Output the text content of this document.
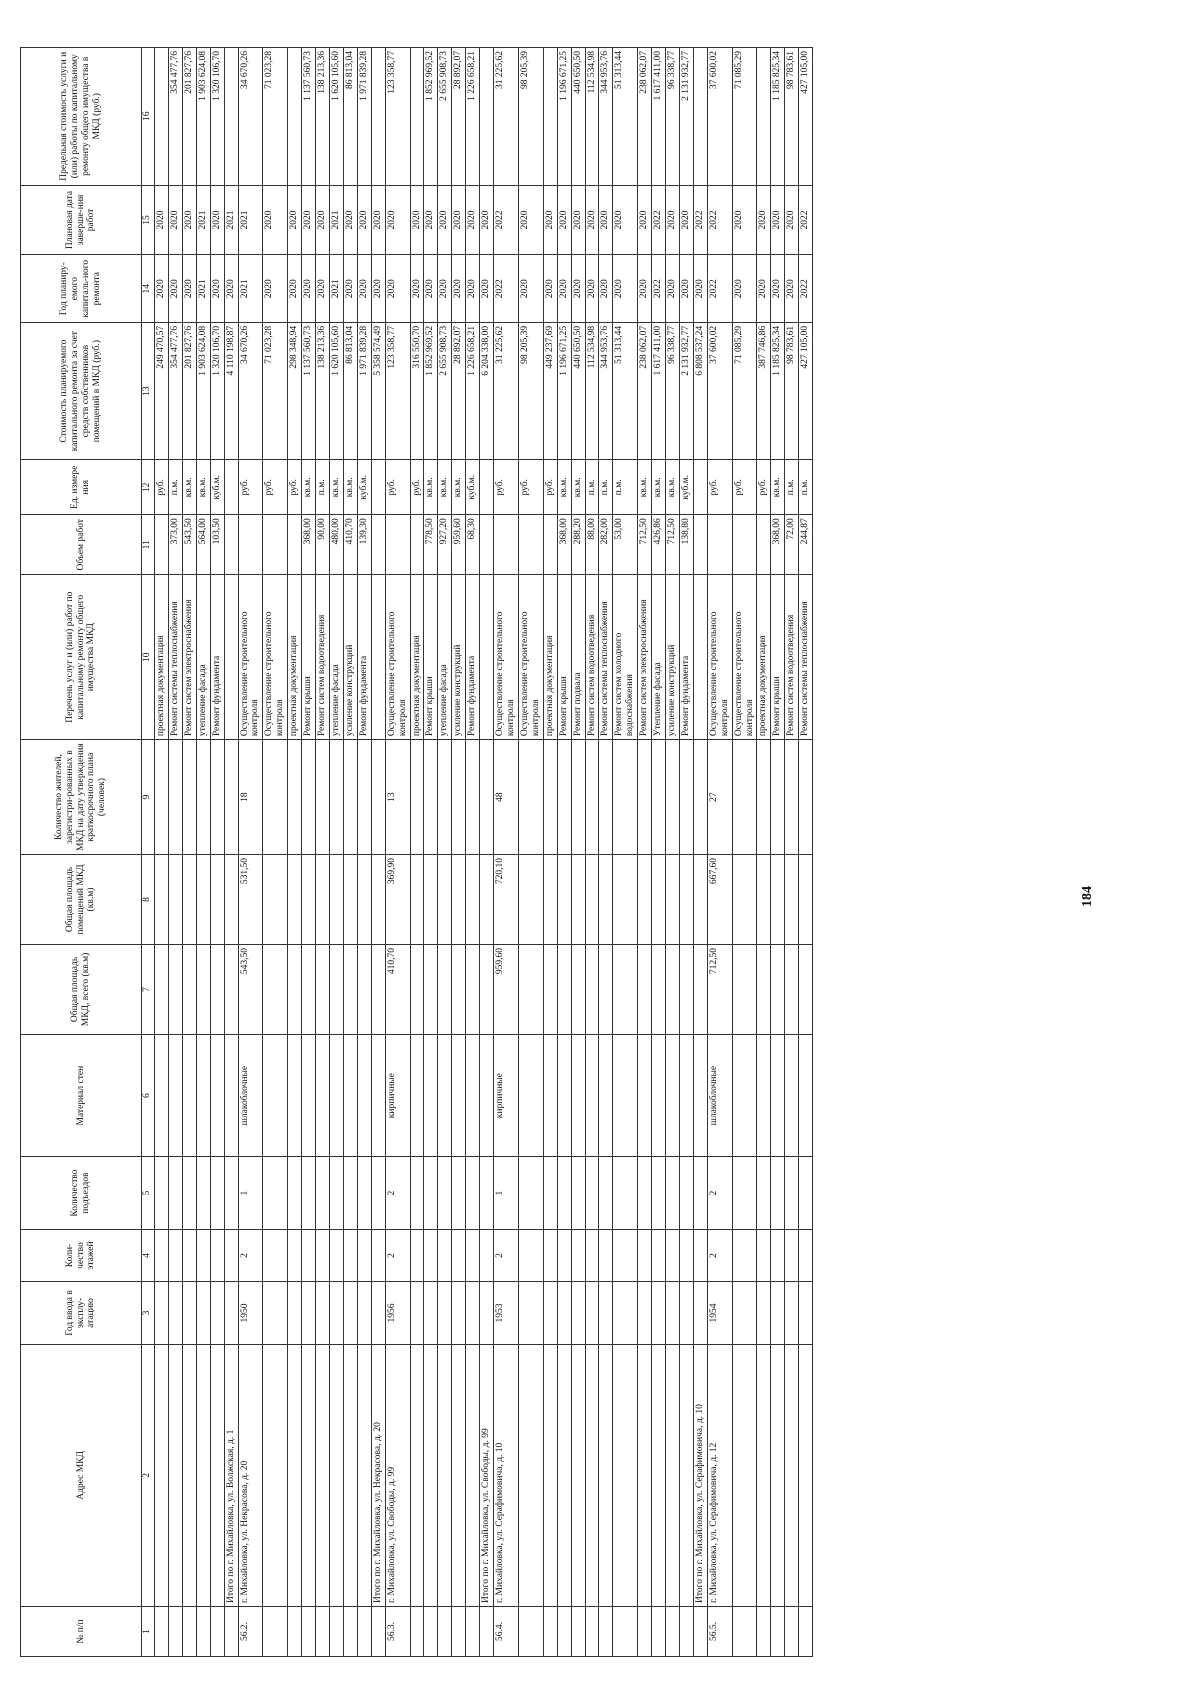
184
№ п/п	Адрес МКД	Год ввода в эксплу-атацию	Коли-чество этажей	Количество подъездов	Материал стен	Общая площадь МКД, всего (кв.м)	Общая площадь помещений МКД (кв.м)	Количество жителей, зарегистри-рованных в МКД на дату утверждения краткосрочного плана (человек)	Перечень услуг и (или) работ по капитальному ремонту общего имущества МКД	Объем работ	Ед. измере ния	Стоимость планируемого капитального ремонта за счет средств собственников помещений в МКД (руб.)	Год планиру-емого капиталь-ного ремонта	Плановая дата заверше-ния работ	Предельная стоимость услуги и (или) работы по капитальному ремонту общего имущества в МКД (руб.)
1	2	3	4	5	6	7	8	9	10	11	12	13	14	15	16
									проектная документация		руб.	249 470,57	2020	2020	
									Ремонт системы теплоснабжения	373,00	п.м.	354 477,76	2020	2020	354 477,76
									Ремонт систем электроснабжения	543,50	кв.м.	201 827,76	2020	2020	201 827,76
									утепление фасада	564,00	кв.м.	1 903 624,08	2021	2021	1 903 624,08
									Ремонт фундамента	103,50	куб.м.	1 320 106,70	2020	2020	1 320 106,70
	Итого по г. Михайловка, ул. Волжская, д. 1											4 110 198,87	2020	2021	
56.2.	г. Михайловка, ул. Некрасова, д. 20	1950	2	1	шлакоблочные	543,50	531,50	18	Осуществление строительного контроля		руб.	34 670,26	2021	2021	34 670,26
									Осуществление строительного контроля		руб.	71 023,28	2020	2020	71 023,28
									проектная документация		руб.	298 348,94	2020	2020	
									Ремонт крыши	368,00	кв.м.	1 137 560,73	2020	2020	1 137 560,73
									Ремонт систем водоотведения	90,00	п.м.	138 213,36	2020	2020	138 213,36
									утепление фасада	480,00	кв.м.	1 620 105,60	2021	2021	1 620 105,60
									усиление конструкций	410,70	кв.м.	86 813,04	2020	2020	86 813,04
									Ремонт фундамента	139,30	куб.м.	1 971 839,28	2020	2020	1 971 839,28
	Итого по г. Михайловка, ул. Некрасова, д. 20											5 358 574,49	2020	2020	
56.3.	г. Михайловка, ул. Свободы, д. 99	1956	2	2	кирпичные	410,70	369,90	13	Осуществление строительного контроля		руб.	123 358,77	2020	2020	123 358,77
									проектная документация		руб.	316 550,70	2020	2020	
									Ремонт крыши	778,50	кв.м.	1 852 969,52	2020	2020	1 852 969,52
									утепление фасада	927,20	кв.м.	2 655 908,73	2020	2020	2 655 908,73
									усиление конструкций	959,60	кв.м.	28 892,07	2020	2020	28 892,07
									Ремонт фундамента	68,30	куб.м.	1 226 658,21	2020	2020	1 226 658,21
	Итого по г. Михайловка, ул. Свободы, д. 99											6 204 338,00	2020	2020	
56.4.	г. Михайловка, ул. Серафимовича, д. 10	1953	2	1	кирпичные	959,60	720,10	48	Осуществление строительного контроля		руб.	31 225,62	2022	2022	31 225,62
									Осуществление строительного контроля		руб.	98 205,39	2020	2020	98 205,39
									проектная документация		руб.	449 237,69	2020	2020	
									Ремонт крыши	368,00	кв.м.	1 196 671,25	2020	2020	1 196 671,25
									Ремонт подвала	288,20	кв.м.	440 650,50	2020	2020	440 650,50
									Ремонт систем водоотведения	88,00	п.м.	112 534,98	2020	2020	112 534,98
									Ремонт системы теплоснабжения	282,00	п.м.	344 953,76	2020	2020	344 953,76
									Ремонт систем холодного водоснабжения	53,00	п.м.	51 313,44	2020	2020	51 313,44
									Ремонт систем электроснабжения	712,50	кв.м.	238 062,07	2020	2020	238 062,07
									Утепление фасада	426,86	кв.м.	1 617 411,00	2022	2022	1 617 411,00
									усиление конструкций	712,50	кв.м.	96 338,77	2020	2020	96 338,77
									Ремонт фундамента	138,80	куб.м.	2 131 932,77	2020	2020	2 131 932,77
	Итого по г. Михайловка, ул. Серафимовича, д. 10											6 808 537,24	2020	2022	
56.5.	г. Михайловка, ул. Серафимовича, д. 12	1954	2	2	шлакоблочные	712,50	667,60	27	Осуществление строительного контроля		руб.	37 600,02	2022	2022	37 600,02
									Осуществление строительного контроля		руб.	71 085,29	2020	2020	71 085,29
									проектная документация		руб.	387 746,86	2020	2020	
									Ремонт крыши	368,00	кв.м.	1 185 825,34	2020	2020	1 185 825,34
									Ремонт систем водоотведения	72,00	п.м.	98 783,61	2020	2020	98 783,61
									Ремонт системы теплоснабжения	244,87	п.м.	427 105,00	2022	2022	427 105,00
